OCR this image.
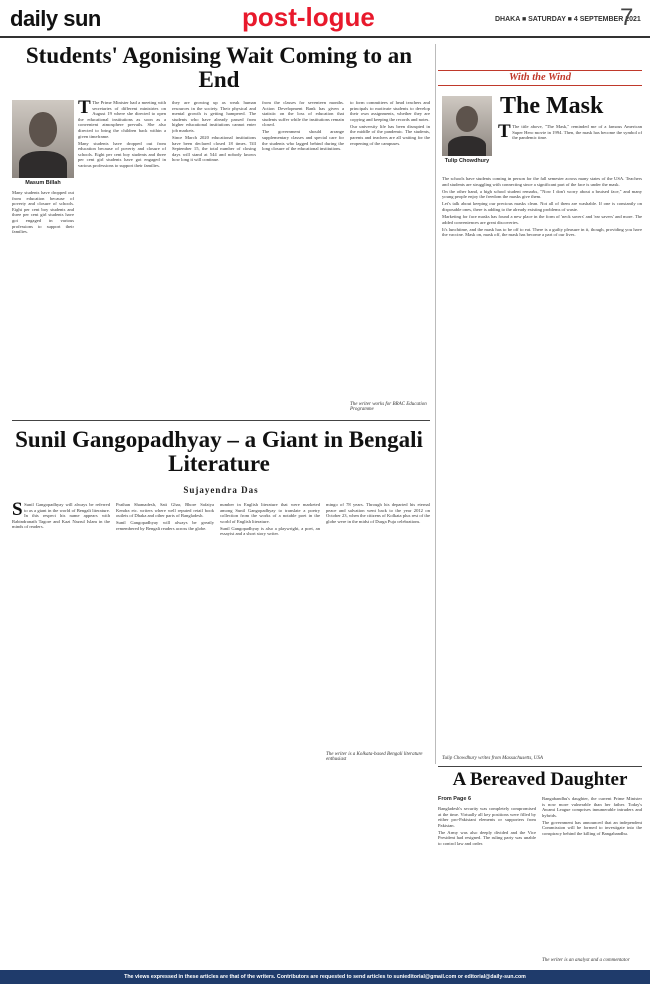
daily sun	post-logue	DHAKA ■ SATURDAY ■ 4 SEPTEMBER 2021
7
Students' Agonising Wait Coming to an End
Masum Billah

T The Prime Minister had a meeting with secretaries of different ministries on August 19 where she directed to open the educational institutions as soon as a convenient atmosphere prevails. She also directed to bring the children back within a given timeframe.

Many students have dropped out from education because of poverty and closure of schools. Eight per cent boy students and three per cent girl students have got engaged in various professions to support their families.

Many students have dropped out from education because of poverty and closure of schools. Eight per cent boy students and three per cent girl students have got engaged in various professions to support their families.

they are growing up as weak human resources in the society. Their physical and mental growth is getting hampered. The students who have already passed from higher educational institutions cannot enter job markets.

Since March 2020 educational institutions have been declared closed 18 times. Till September 15, the total number of closing days will stand at 544 and nobody knows how long it will continue.

from the classes for seventeen months. Action Development Bank has given a statistic on the loss of education that students suffer while the institutions remain closed.

The government should arrange supplementary classes and special care for the students who lagged behind during the long closure of the educational institutions.

to form committees of head teachers and principals to motivate students to develop their own assignments, whether they are copying and keeping the records and notes.

Our university life has been disrupted in the middle of the pandemic. The students, parents and teachers are all waiting for the reopening of the campuses.

The writer works for BRAC Education Programme
With the Wind
The Mask
Tulip Chowdhury

T The title above, "The Mask," reminded me of a famous American Super Hero movie in 1994. Then, the mask has become the symbol of the pandemic time.

The schools have students coming in person for the fall semester across many states of the USA. Teachers and students are struggling with connecting since a significant part of the face is under the mask.

On the other hand, a high school student remarks, "Now I don't worry about a bruised face," and many young people enjoy the freedom the masks give them.

Let's talk about keeping our precious masks clean. Not all of them are washable. If one is constantly on disposable ones, there is adding to the already existing problems of waste.

Marketing for face masks has found a new place in the form of 'neck savers' and 'ear savers' and more. The added conveniences are great discoveries.

It's lunchtime, and the mask has to be off to eat. There is a guilty pleasure in it, though, providing you have the vaccine. Mask on, mask off, the mask has become a part of our lives.

Tulip Chowdhury writes from Massachusetts, USA
Sunil Gangopadhyay – a Giant in Bengali Literature
Sujayendra Das

S Sunil Gangopadhyay will always be referred to as a giant in the world of Bengali literature. In this respect his name appears with Rabindranath Tagore and Kazi Nazrul Islam in the minds of readers.

Prathan Shamadesh, Sati Ghar, Bhore Safaiya Kendra etc. writers where well reputed retail book outlets of Dhaka and other parts of Bangladesh.

Sunil Gangopadhyay will always be greatly remembered by Bengali readers across the globe.

number in English literature that were marketed among Sunil Gangopadhyay to translate a poetry collection from the works of a notable poet in the world of English literature.

Sunil Gangopadhyay is also a playwright, a poet, an essayist and a short story writer.

mingo of 78 years. Through his departed his eternal peace and salvation went back to the year 2012 on October 23, when the citizens of Kolkata plus rest of the globe were in the midst of Durga Puja celebrations.

The writer is a Kolkata-based Bengali literature enthusiast
A Bereaved Daughter
From Page 6

Bangladesh's security was completely compromised at the time. Virtually all key positions were filled by either pro-Pakistani elements or supporters from Pakistan.

The Army was also deeply divided and the Vice President had resigned. The ruling party was unable to control law and order.

Bangabandhu's daughter, the current Prime Minister is now more vulnerable than her father. Today's Awami League comprises innumerable intruders and hybrids.

The government has announced that an independent Commission will be formed to investigate into the conspiracy behind the killing of Bangabandhu.

The writer is an analyst and a commentator
The views expressed in these articles are that of the writers. Contributors are requested to send articles to sunieditorial@gmail.com or editorial@daily-sun.com
